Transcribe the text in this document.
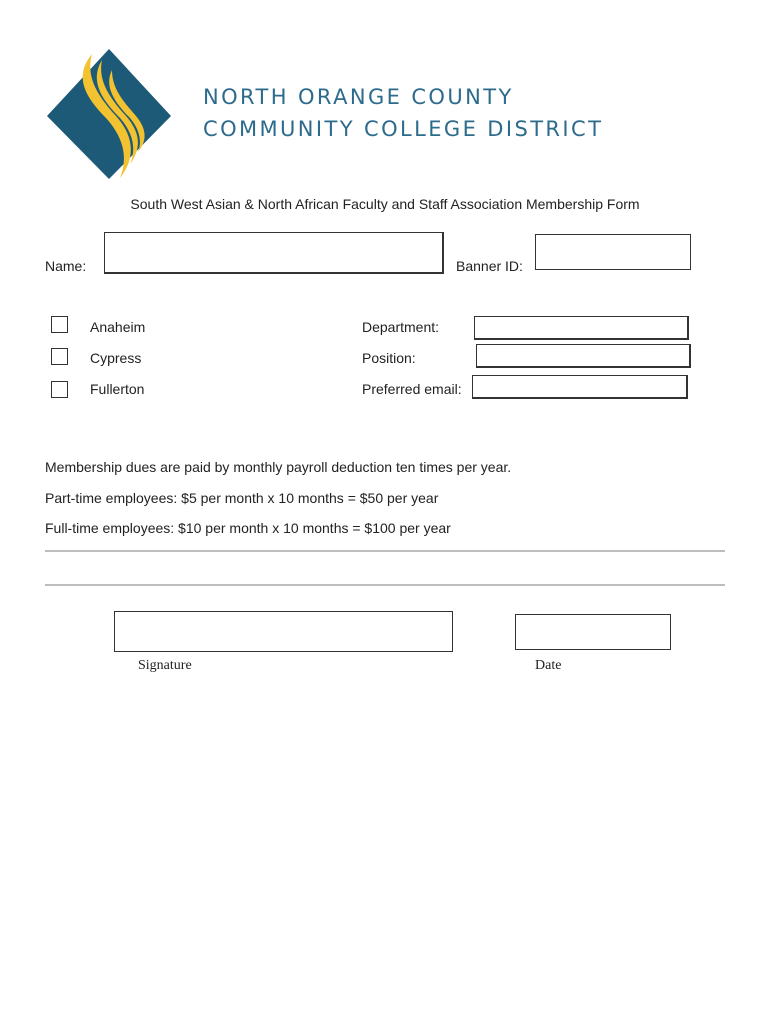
NORTH ORANGE COUNTY
COMMUNITY COLLEGE DISTRICT
South West Asian & North African Faculty and Staff Association Membership Form
Name:	Banner ID:
Anaheim
Cypress
Fullerton
Department:
Position:
Preferred email:
Membership dues are paid by monthly payroll deduction ten times per year.
Part-time employees: $5 per month x 10 months = $50 per year
Full-time employees: $10 per month x 10 months = $100 per year
Signature	Date
